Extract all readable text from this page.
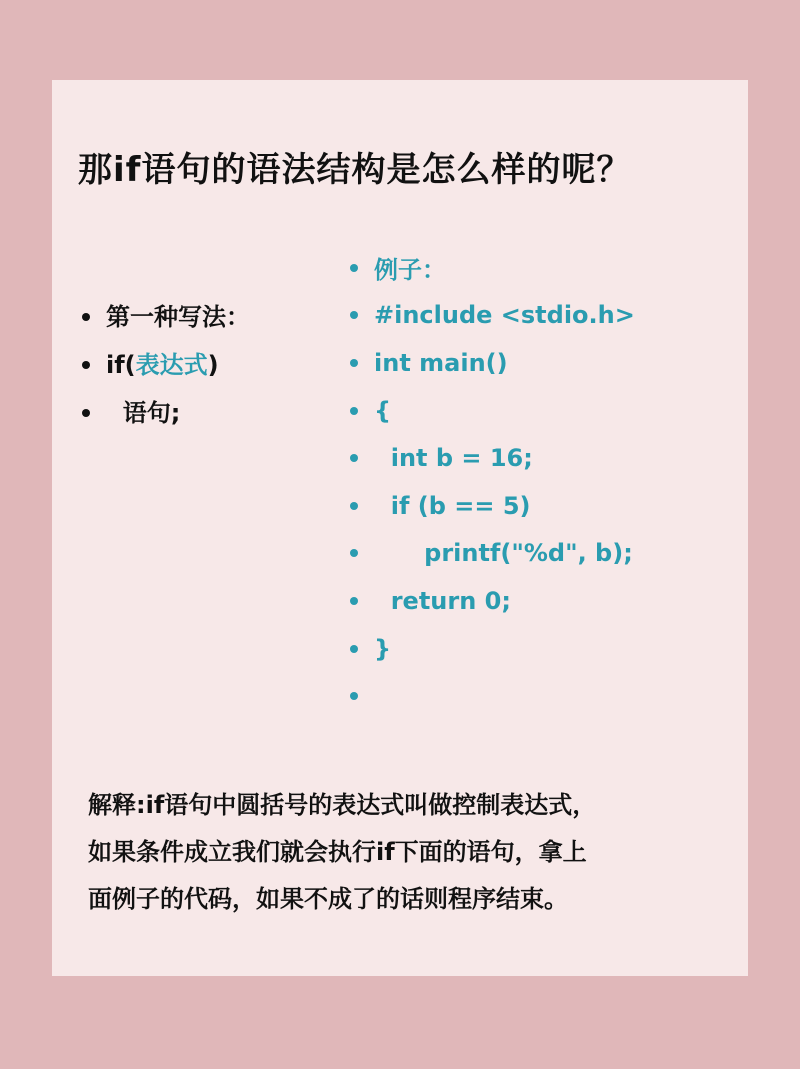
那if语句的语法结构是怎么样的呢？
第一种写法：
if( 表达式 )
语句;
例子：
#include <stdio.h>
int main()
{
int b = 16;
if (b == 5)
printf("%d", b);
return 0;
}
解释:if语句中圆括号的表达式叫做控制表达式，
如果条件成立我们就会执行if下面的语句，拿上
面例子的代码，如果不成了的话则程序结束。
